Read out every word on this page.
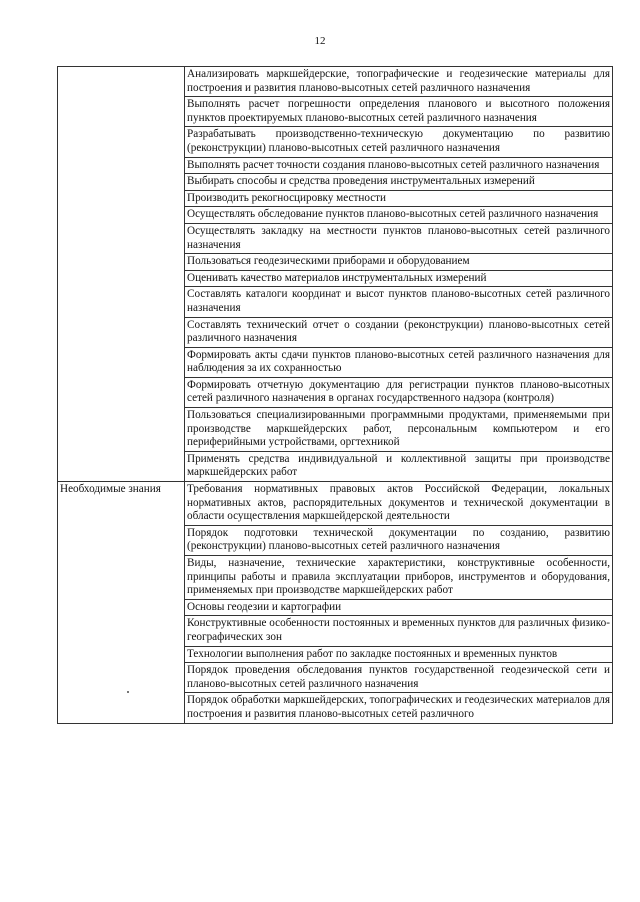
12
	Анализировать маркшейдерские, топографические и геодезические материалы для построения и развития планово-высотных сетей различного назначения
	Выполнять расчет погрешности определения планового и высотного положения пунктов проектируемых планово-высотных сетей различного назначения
	Разрабатывать производственно-техническую документацию по развитию (реконструкции) планово-высотных сетей различного назначения
	Выполнять расчет точности создания планово-высотных сетей различного назначения
	Выбирать способы и средства проведения инструментальных измерений
	Производить рекогносцировку местности
	Осуществлять обследование пунктов планово-высотных сетей различного назначения
	Осуществлять закладку на местности пунктов планово-высотных сетей различного назначения
	Пользоваться геодезическими приборами и оборудованием
	Оценивать качество материалов инструментальных измерений
	Составлять каталоги координат и высот пунктов планово-высотных сетей различного назначения
	Составлять технический отчет о создании (реконструкции) планово-высотных сетей различного назначения
	Формировать акты сдачи пунктов планово-высотных сетей различного назначения для наблюдения за их сохранностью
	Формировать отчетную документацию для регистрации пунктов планово-высотных сетей различного назначения в органах государственного надзора (контроля)
	Пользоваться специализированными программными продуктами, применяемыми при производстве маркшейдерских работ, персональным компьютером и его периферийными устройствами, оргтехникой
	Применять средства индивидуальной и коллективной защиты при производстве маркшейдерских работ
Необходимые знания	Требования нормативных правовых актов Российской Федерации, локальных нормативных актов, распорядительных документов и технической документации в области осуществления маркшейдерской деятельности
	Порядок подготовки технической документации по созданию, развитию (реконструкции) планово-высотных сетей различного назначения
	Виды, назначение, технические характеристики, конструктивные особенности, принципы работы и правила эксплуатации приборов, инструментов и оборудования, применяемых при производстве маркшейдерских работ
	Основы геодезии и картографии
	Конструктивные особенности постоянных и временных пунктов для различных физико-географических зон
	Технологии выполнения работ по закладке постоянных и временных пунктов
	Порядок проведения обследования пунктов государственной геодезической сети и планово-высотных сетей различного назначения
	Порядок обработки маркшейдерских, топографических и геодезических материалов для построения и развития планово-высотных сетей различного
